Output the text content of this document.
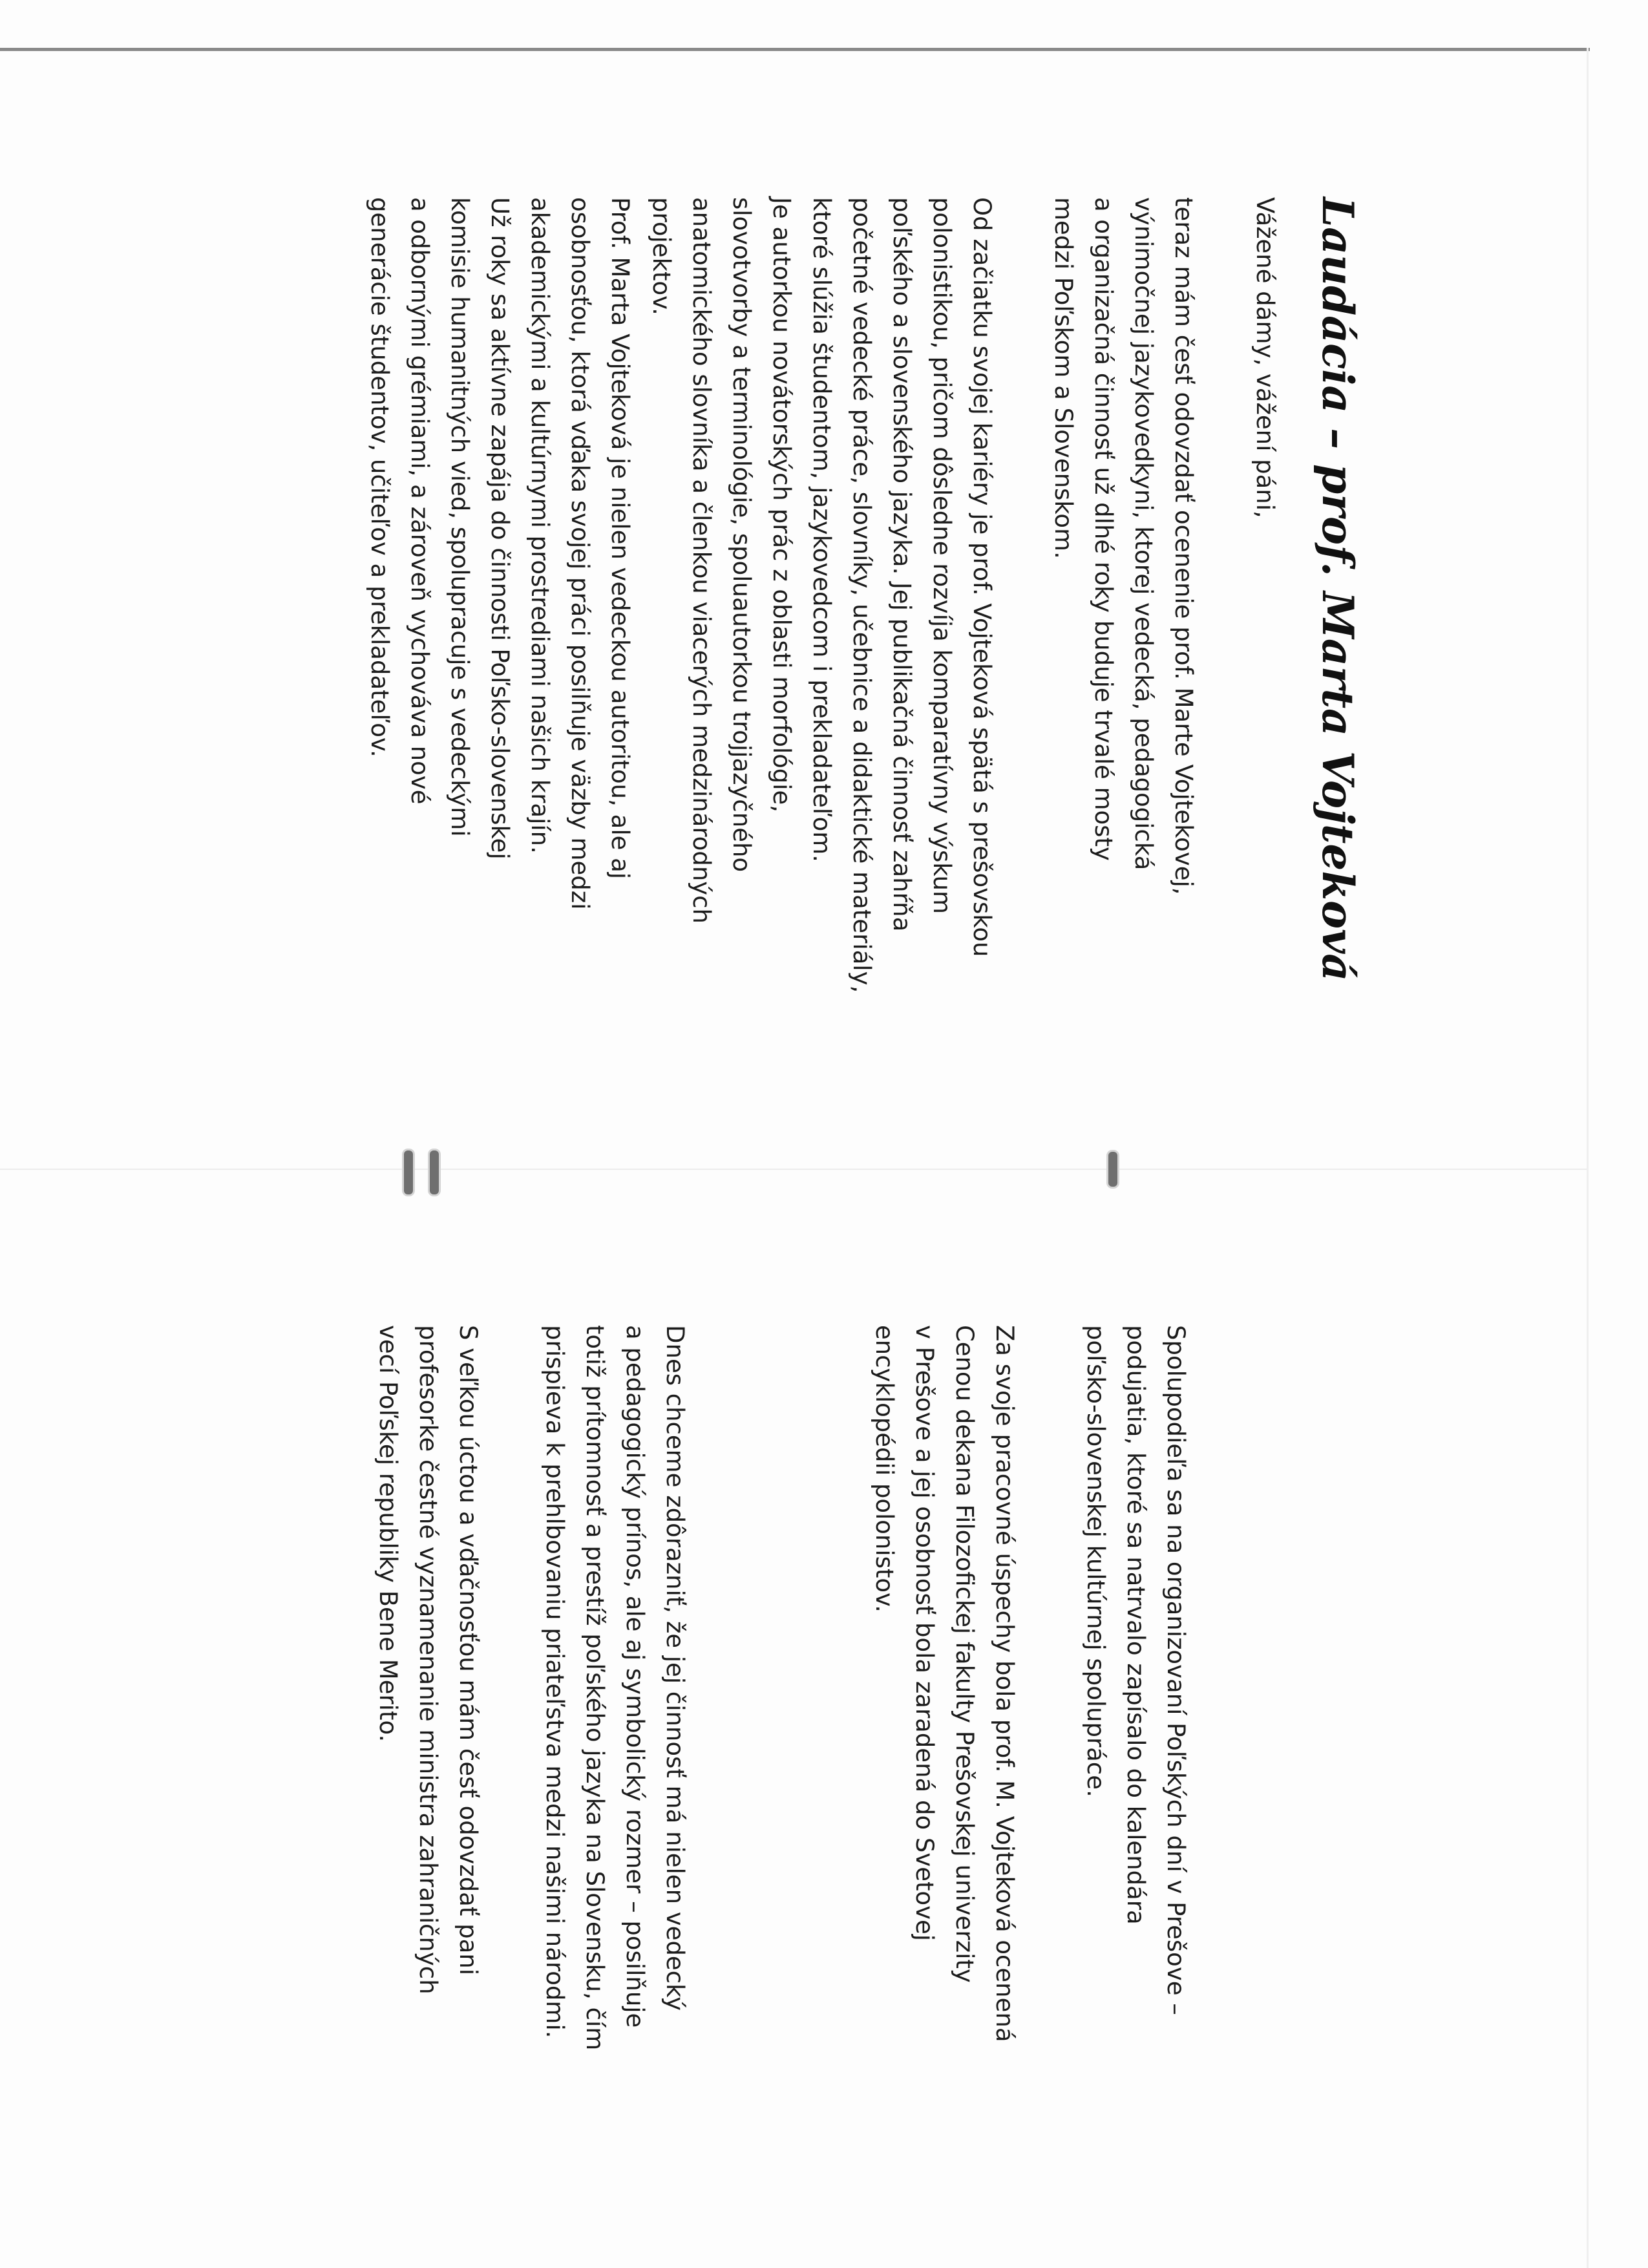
Laudácia – prof. Marta Vojteková

Vážené dámy, vážení páni,

teraz mám česť odovzdať ocenenie prof. Marte Vojtekovej,
výnimočnej jazykovedkyni, ktorej vedecká, pedagogická
a organizačná činnosť už dlhé roky buduje trvalé mosty
medzi Poľskom a Slovenskom.

Od začiatku svojej kariéry je prof. Vojteková spätá s prešovskou
polonistikou, pričom dôsledne rozvíja komparatívny výskum
poľského a slovenského jazyka. Jej publikačná činnosť zahŕňa
početné vedecké práce, slovníky, učebnice a didaktické materiály,
ktoré slúžia študentom, jazykovedcom i prekladateľom.
Je autorkou novátorských prác z oblasti morfológie,
slovotvorby a terminológie, spoluautorkou trojjazyčného
anatomického slovníka a členkou viacerých medzinárodných
projektov.

Prof. Marta Vojteková je nielen vedeckou autoritou, ale aj
osobnosťou, ktorá vďaka svojej práci posilňuje väzby medzi
akademickými a kultúrnymi prostrediami našich krajín.
Už roky sa aktívne zapája do činnosti Poľsko-slovenskej
komisie humanitných vied, spolupracuje s vedeckými
a odbornými grémiami, a zároveň vychováva nové
generácie študentov, učiteľov a prekladateľov.

Spolupodieľa sa na organizovaní Poľských dní v Prešove –
podujatia, ktoré sa natrvalo zapísalo do kalendára
poľsko-slovenskej kultúrnej spolupráce.

Za svoje pracovné úspechy bola prof. M. Vojteková ocenená
Cenou dekana Filozofickej fakulty Prešovskej univerzity
v Prešove a jej osobnosť bola zaradená do Svetovej
encyklopédii polonistov.

Dnes chceme zdôrazniť, že jej činnosť má nielen vedecký
a pedagogický prínos, ale aj symbolický rozmer – posilňuje
totiž prítomnosť a prestíž poľského jazyka na Slovensku, čím
prispieva k prehlbovaniu priateľstva medzi našimi národmi.

S veľkou úctou a vďačnosťou mám česť odovzdať pani
profesorke čestné vyznamenanie ministra zahraničných
vecí Poľskej republiky Bene Merito.
